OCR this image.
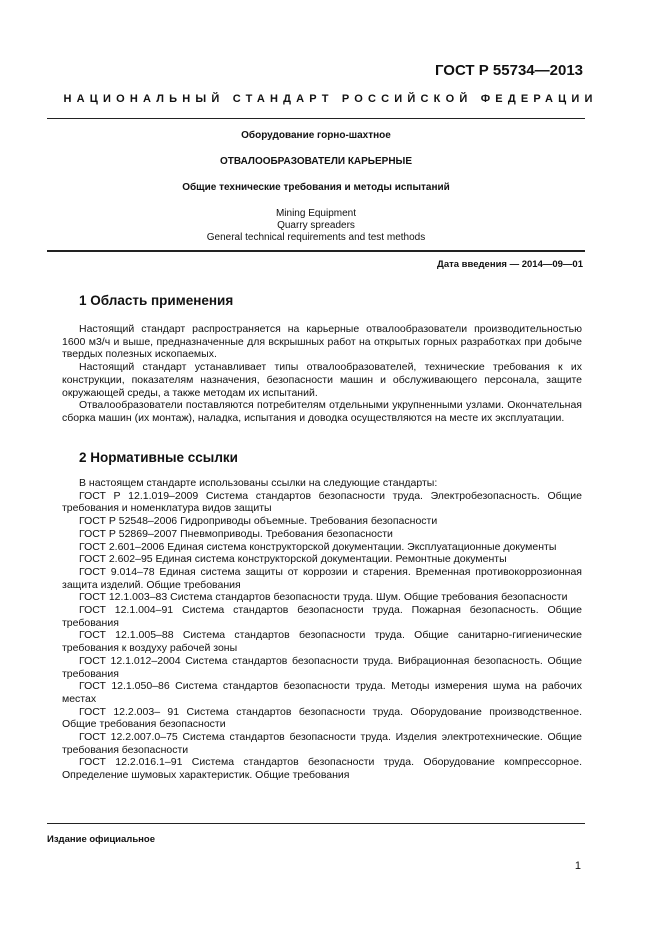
ГОСТ Р 55734—2013
НАЦИОНАЛЬНЫЙ СТАНДАРТ РОССИЙСКОЙ ФЕДЕРАЦИИ
Оборудование горно-шахтное
ОТВАЛООБРАЗОВАТЕЛИ КАРЬЕРНЫЕ
Общие технические требования и методы испытаний
Mining Equipment
Quarry spreaders
General technical requirements and test methods
Дата введения — 2014—09—01
1 Область применения

Настоящий стандарт распространяется на карьерные отвалообразователи производительностью 1600 м3/ч и выше, предназначенные для вскрышных работ на открытых горных разработках при добыче твердых полезных ископаемых.

Настоящий стандарт устанавливает типы отвалообразователей, технические требования к их конструкции, показателям назначения, безопасности машин и обслуживающего персонала, защите окружающей среды, а также методам их испытаний.

Отвалообразователи поставляются потребителям отдельными укрупненными узлами. Окончательная сборка машин (их монтаж), наладка, испытания и доводка осуществляются на месте их эксплуатации.

2 Нормативные ссылки

В настоящем стандарте использованы ссылки на следующие стандарты:

ГОСТ Р 12.1.019–2009 Система стандартов безопасности труда. Электробезопасность. Общие требования и номенклатура видов защиты

ГОСТ Р 52548–2006 Гидроприводы объемные. Требования безопасности

ГОСТ Р 52869–2007 Пневмоприводы. Требования безопасности

ГОСТ 2.601–2006 Единая система конструкторской документации. Эксплуатационные документы

ГОСТ 2.602–95 Единая система конструкторской документации. Ремонтные документы

ГОСТ 9.014–78 Единая система защиты от коррозии и старения. Временная противокоррозионная защита изделий. Общие требования

ГОСТ 12.1.003–83 Система стандартов безопасности труда. Шум. Общие требования безопасности

ГОСТ 12.1.004–91 Система стандартов безопасности труда. Пожарная безопасность. Общие требования

ГОСТ 12.1.005–88 Система стандартов безопасности труда. Общие санитарно-гигиенические требования к воздуху рабочей зоны

ГОСТ 12.1.012–2004 Система стандартов безопасности труда. Вибрационная безопасность. Общие требования

ГОСТ 12.1.050–86 Система стандартов безопасности труда. Методы измерения шума на рабочих местах

ГОСТ 12.2.003– 91 Система стандартов безопасности труда. Оборудование производственное. Общие требования безопасности

ГОСТ 12.2.007.0–75 Система стандартов безопасности труда. Изделия электротехнические. Общие требования безопасности

ГОСТ 12.2.016.1–91 Система стандартов безопасности труда. Оборудование компрессорное. Определение шумовых характеристик. Общие требования

Издание официальное
1
